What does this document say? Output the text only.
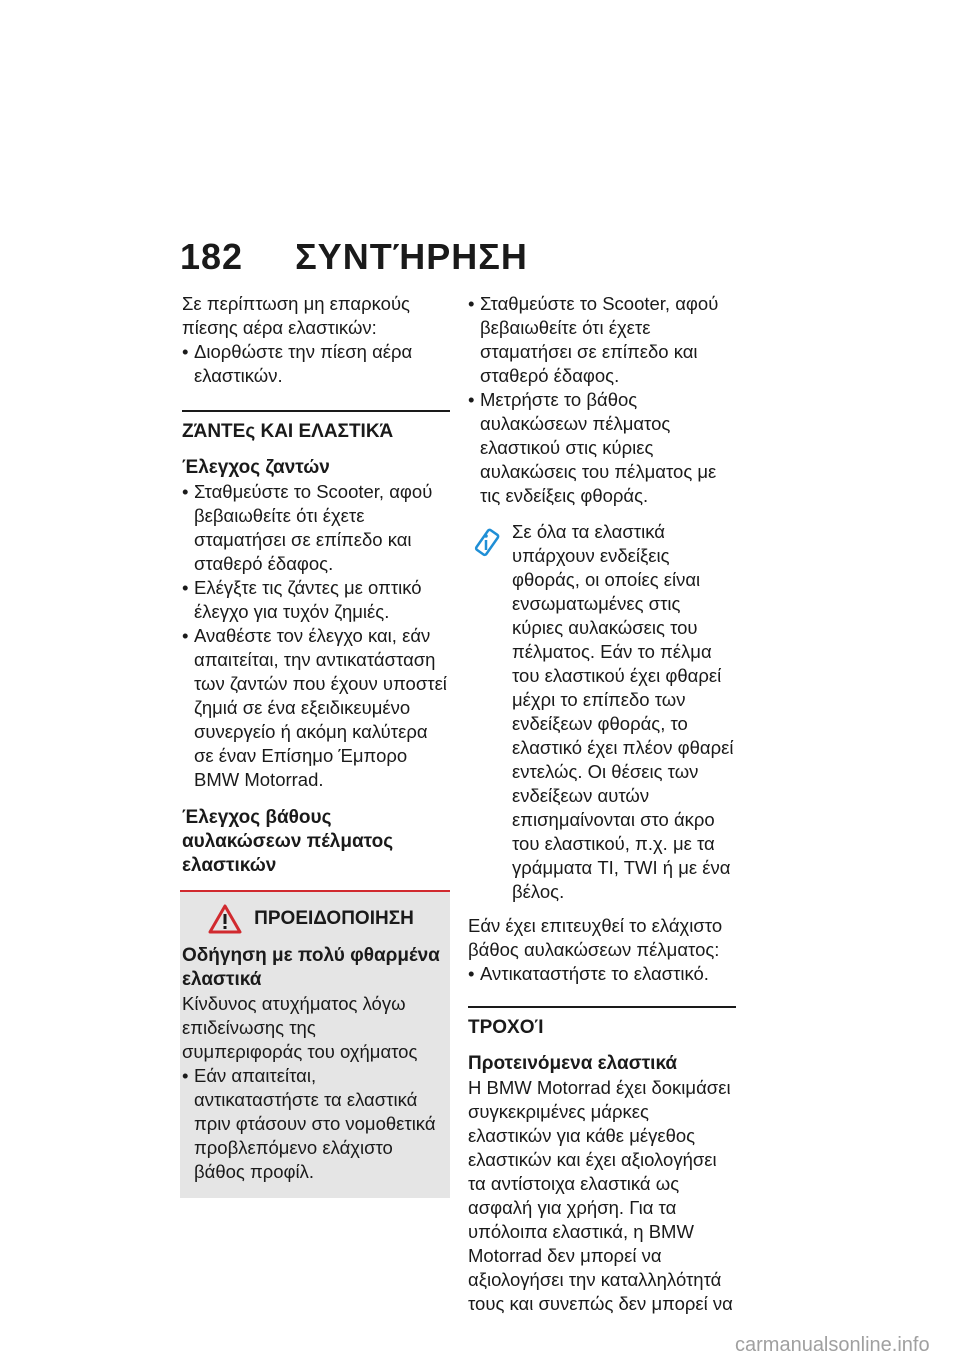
182 ΣΥΝΤΉΡΗΣΗ

Σε περίπτωση μη επαρκούς πίεσης αέρα ελαστικών:

• Διορθώστε την πίεση αέρα ελαστικών.
ΖΆΝΤΕς ΚΑΙ ΕΛΑΣΤΙΚΆ
Έλεγχος ζαντών
• Σταθμεύστε το Scooter, αφού βεβαιωθείτε ότι έχετε σταματήσει σε επίπεδο και σταθερό έδαφος.
• Ελέγξτε τις ζάντες με οπτικό έλεγχο για τυχόν ζημιές.
• Αναθέστε τον έλεγχο και, εάν απαιτείται, την αντικατάσταση των ζαντών που έχουν υποστεί ζημιά σε ένα εξειδικευμένο συνεργείο ή ακόμη καλύτερα σε έναν Επίσημο Έμπορο BMW Motorrad.
Έλεγχος βάθους αυλακώσεων πέλματος ελαστικών
ΠΡΟΕΙΔΟΠΟΙΗΣΗ
Οδήγηση με πολύ φθαρμένα ελαστικά

Κίνδυνος ατυχήματος λόγω επιδείνωσης της συμπεριφοράς του οχήματος

• Εάν απαιτείται, αντικαταστήστε τα ελαστικά πριν φτάσουν στο νομοθετικά προβλεπόμενο ελάχιστο βάθος προφίλ.
• Σταθμεύστε το Scooter, αφού βεβαιωθείτε ότι έχετε σταματήσει σε επίπεδο και σταθερό έδαφος.
• Μετρήστε το βάθος αυλακώσεων πέλματος ελαστικού στις κύριες αυλακώσεις του πέλματος με τις ενδείξεις φθοράς.

Σε όλα τα ελαστικά υπάρχουν ενδείξεις φθοράς, οι οποίες είναι ενσωματωμένες στις κύριες αυλακώσεις του πέλματος. Εάν το πέλμα του ελαστικού έχει φθαρεί μέχρι το επίπεδο των ενδείξεων φθοράς, το ελαστικό έχει πλέον φθαρεί εντελώς. Οι θέσεις των ενδείξεων αυτών επισημαίνονται στο άκρο του ελαστικού, π.χ. με τα γράμματα TI, TWI ή με ένα βέλος.

Εάν έχει επιτευχθεί το ελάχιστο βάθος αυλακώσεων πέλματος:

• Αντικαταστήστε το ελαστικό.
ΤΡΟΧΟΊ
Προτεινόμενα ελαστικά

Η BMW Motorrad έχει δοκιμάσει συγκεκριμένες μάρκες ελαστικών για κάθε μέγεθος ελαστικών και έχει αξιολογήσει τα αντίστοιχα ελαστικά ως ασφαλή για χρήση. Για τα υπόλοιπα ελαστικά, η BMW Motorrad δεν μπορεί να αξιολογήσει την καταλληλότητά τους και συνεπώς δεν μπορεί να

carmanualsonline.info
